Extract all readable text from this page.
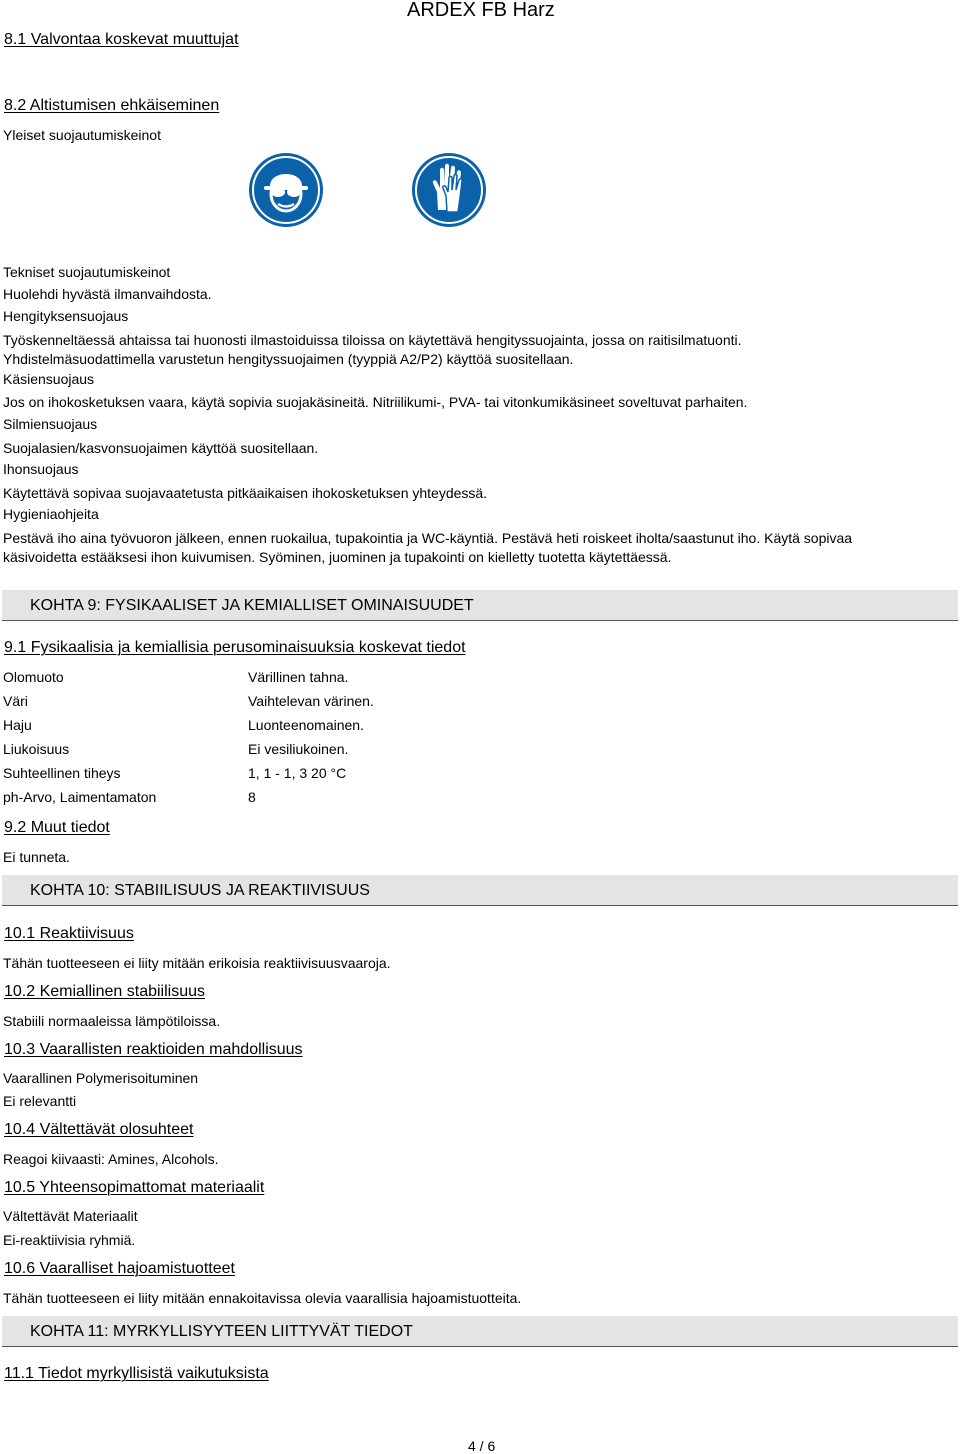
ARDEX FB Harz
8.1 Valvontaa koskevat muuttujat
8.2 Altistumisen ehkäiseminen
Yleiset suojautumiskeinot
Tekniset suojautumiskeinot
Huolehdi hyvästä ilmanvaihdosta.
Hengityksensuojaus
Työskenneltäessä ahtaissa tai huonosti ilmastoiduissa tiloissa on käytettävä hengityssuojainta, jossa on raitisilmatuonti.
Yhdistelmäsuodattimella varustetun hengityssuojaimen (tyyppiä A2/P2) käyttöä suositellaan.
Käsiensuojaus
Jos on ihokosketuksen vaara, käytä sopivia suojakäsineitä. Nitriilikumi-, PVA- tai vitonkumikäsineet soveltuvat parhaiten.
Silmiensuojaus
Suojalasien/kasvonsuojaimen käyttöä suositellaan.
Ihonsuojaus
Käytettävä sopivaa suojavaatetusta pitkäaikaisen ihokosketuksen yhteydessä.
Hygieniaohjeita
Pestävä iho aina työvuoron jälkeen, ennen ruokailua, tupakointia ja WC-käyntiä. Pestävä heti roiskeet iholta/saastunut iho. Käytä sopivaa
käsivoidetta estääksesi ihon kuivumisen. Syöminen, juominen ja tupakointi on kielletty tuotetta käytettäessä.
KOHTA 9: FYSIKAALISET JA KEMIALLISET OMINAISUUDET
9.1 Fysikaalisia ja kemiallisia perusominaisuuksia koskevat tiedot
Olomuoto	Värillinen tahna.
Väri	Vaihtelevan värinen.
Haju	Luonteenomainen.
Liukoisuus	Ei vesiliukoinen.
Suhteellinen tiheys	1, 1 - 1, 3 20 °C
ph-Arvo, Laimentamaton	8
9.2 Muut tiedot
Ei tunneta.
KOHTA 10: STABIILISUUS JA REAKTIIVISUUS
10.1 Reaktiivisuus
Tähän tuotteeseen ei liity mitään erikoisia reaktiivisuusvaaroja.
10.2 Kemiallinen stabiilisuus
Stabiili normaaleissa lämpötiloissa.
10.3 Vaarallisten reaktioiden mahdollisuus
Vaarallinen Polymerisoituminen
Ei relevantti
10.4 Vältettävät olosuhteet
Reagoi kiivaasti: Amines, Alcohols.
10.5 Yhteensopimattomat materiaalit
Vältettävät Materiaalit
Ei-reaktiivisia ryhmiä.
10.6 Vaaralliset hajoamistuotteet
Tähän tuotteeseen ei liity mitään ennakoitavissa olevia vaarallisia hajoamistuotteita.
KOHTA 11: MYRKYLLISYYTEEN LIITTYVÄT TIEDOT
11.1 Tiedot myrkyllisistä vaikutuksista
4 / 6
